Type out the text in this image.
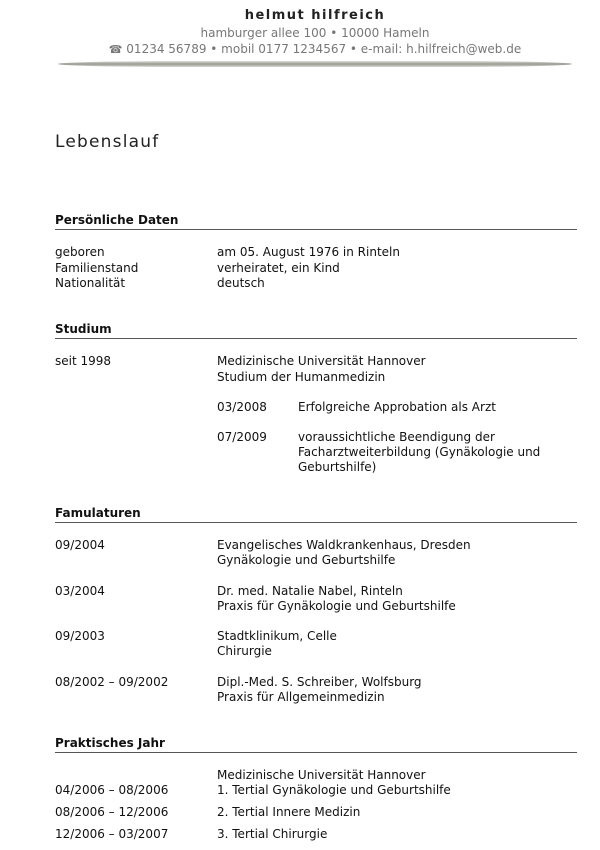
helmut hilfreich
hamburger allee 100 • 10000 Hameln
☎ 01234 56789 • mobil 0177 1234567 • e-mail: h.hilfreich@web.de
Lebenslauf
Persönliche Daten
geboren	am 05. August 1976 in Rinteln
Familienstand	verheiratet, ein Kind
Nationalität	deutsch
Studium
seit 1998	Medizinische Universität Hannover
Studium der Humanmedizin
03/2008	Erfolgreiche Approbation als Arzt
07/2009	voraussichtliche Beendigung der
Facharztweiterbildung (Gynäkologie und
Geburtshilfe)
Famulaturen
09/2004	Evangelisches Waldkrankenhaus, Dresden
Gynäkologie und Geburtshilfe
03/2004	Dr. med. Natalie Nabel, Rinteln
Praxis für Gynäkologie und Geburtshilfe
09/2003	Stadtklinikum, Celle
Chirurgie
08/2002 – 09/2002	Dipl.-Med. S. Schreiber, Wolfsburg
Praxis für Allgemeinmedizin
Praktisches Jahr
Medizinische Universität Hannover
04/2006 – 08/2006	1. Tertial Gynäkologie und Geburtshilfe
08/2006 – 12/2006	2. Tertial Innere Medizin
12/2006 – 03/2007	3. Tertial Chirurgie
